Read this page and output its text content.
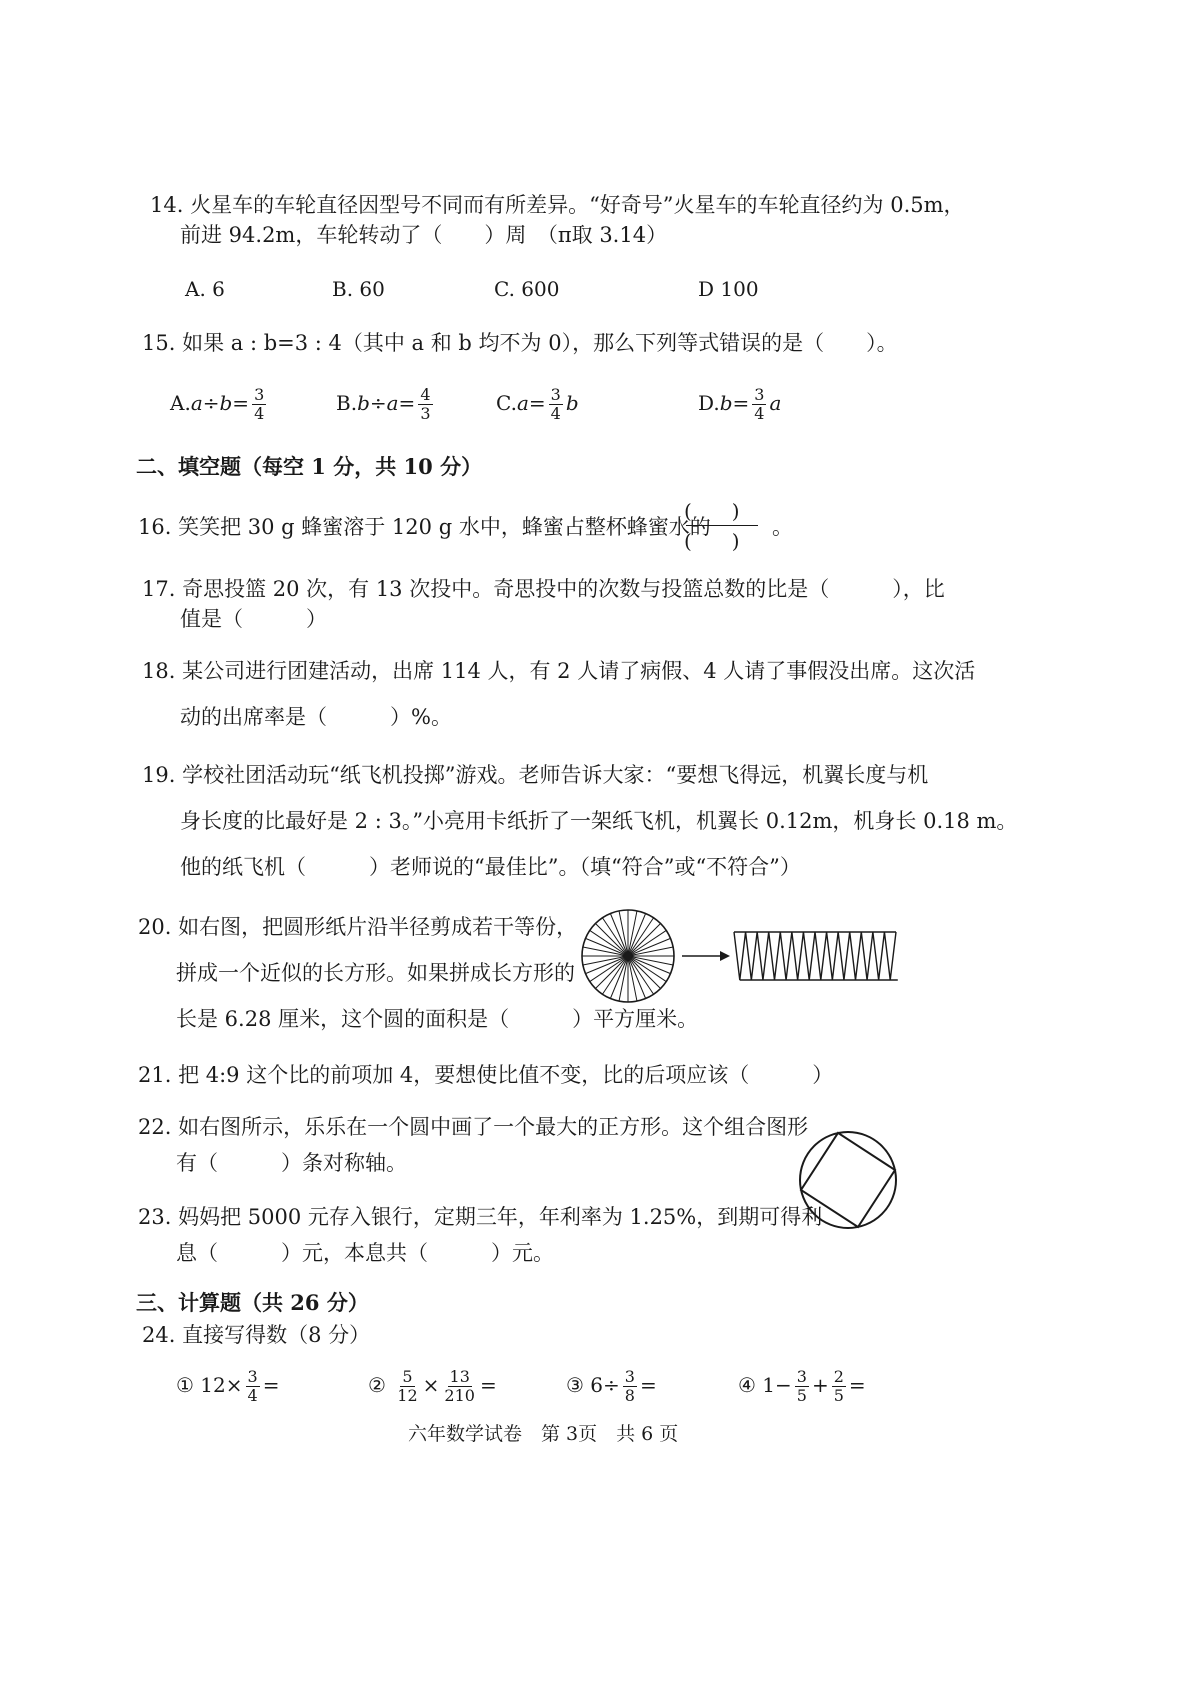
14. 火星车的车轮直径因型号不同而有所差异。“好奇号”火星车的车轮直径约为 0.5m，
前进 94.2m，车轮转动了（　　）周　（π取 3.14）
A. 6	B. 60	C. 600	D 100
15. 如果 a : b=3 : 4（其中 a 和 b 均不为 0），那么下列等式错误的是（　　）。
$A.a\div b= \frac{3}{4}$	$B.b\div a= \frac{4}{3}$	$C.a= \frac{3}{4}$ b	$D.b= \frac{3}{4}$ a
二、填空题（每空 1 分，共 10 分）
16. 笑笑把 30 g 蜂蜜溶于 120 g 水中，蜂蜜占整杯蜂蜜水的
(　　)
(　　)
。
17. 奇思投篮 20 次，有 13 次投中。奇思投中的次数与投篮总数的比是（　　　），比
值是（　　　）
18. 某公司进行团建活动，出席 114 人，有 2 人请了病假、4 人请了事假没出席。这次活
动的出席率是（　　　）%。
19. 学校社团活动玩“纸飞机投掷”游戏。老师告诉大家：“要想飞得远，机翼长度与机
身长度的比最好是 2 : 3。”小亮用卡纸折了一架纸飞机，机翼长 0.12m，机身长 0.18 m。
他的纸飞机（　　　）老师说的“最佳比”。（填“符合”或“不符合”）
20. 如右图，把圆形纸片沿半径剪成若干等份，
拼成一个近似的长方形。如果拼成长方形的
长是 6.28 厘米，这个圆的面积是（　　　）平方厘米。
21. 把 4:9 这个比的前项加 4，要想使比值不变，比的后项应该（　　　）
22. 如右图所示，乐乐在一个圆中画了一个最大的正方形。这个组合图形
有（　　　）条对称轴。
23. 妈妈把 5000 元存入银行，定期三年，年利率为 1.25%，到期可得利
息（　　　）元，本息共（　　　）元。
三、计算题（共 26 分）
24. 直接写得数（8 分）
① $12\times \frac{3}{4}$ =	② $\frac{5}{12} \times \frac{13}{210}$ =	③ $6\div \frac{3}{8}$ =	④ $1- \frac{3}{5} + \frac{2}{5}$ =
六年数学试卷　第 3页　共 6 页
